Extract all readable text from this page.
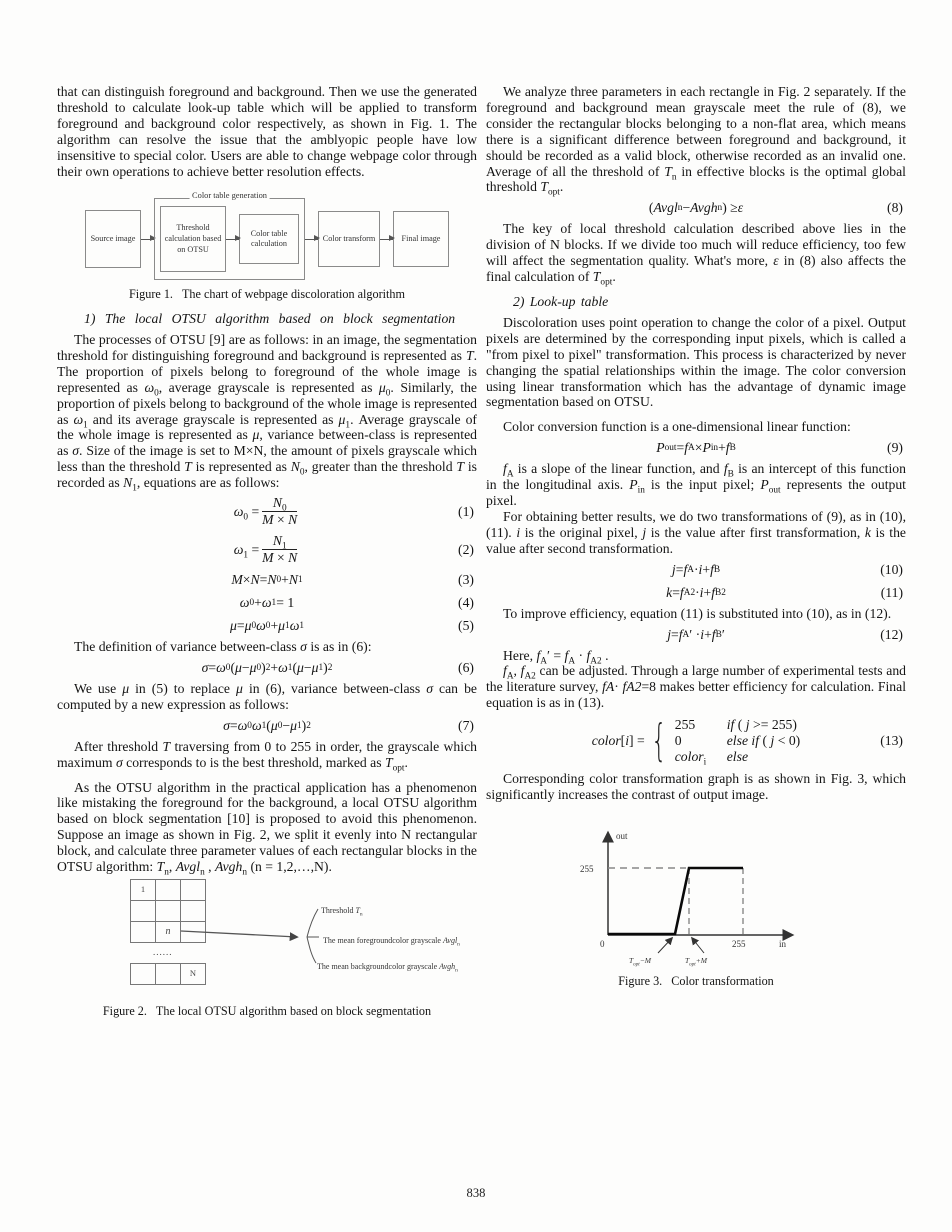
that can distinguish foreground and background. Then we use the generated threshold to calculate look-up table which will be applied to transform foreground and background color respectively, as shown in Fig. 1. The algorithm can resolve the issue that the amblyopic people have low insensitive to special color. Users are able to change webpage color through their own operations to achieve better resolution effects.

Source image
Color table generation
Threshold calculation based on OTSU
Color table calculation
Color transform	Final image
Figure 1. The chart of webpage discoloration algorithm

1) The local OTSU algorithm based on block segmentation

The processes of OTSU [9] are as follows: in an image, the segmentation threshold for distinguishing foreground and background is represented as T. The proportion of pixels belong to foreground of the whole image is represented as $\omega_0$, average grayscale is represented as $\mu_0$. Similarly, the proportion of pixels belong to background of the whole image is represented as $\omega_1$ and its average grayscale is represented as $\mu_1$. Average grayscale of the whole image is represented as μ, variance between-class is represented as σ. Size of the image is set to M×N, the amount of pixels grayscale which less than the threshold T is represented as $N_0$, greater than the threshold T is recorded as $N_1$, equations are as follows:

$\omega_0 = \frac{N_0}{M \times N}$	(1)
$\omega_1 = \frac{N_1}{M \times N}$	(2)
M × N = N 0 + N 1	(3)
ω 0 + ω 1 = 1	(4)
μ = μ 0 ω 0 + μ 1 ω 1	(5)

The definition of variance between-class σ is as in (6):

σ = ω 0 ( μ − μ 0 ) 2 + ω 1 ( μ − μ 1 ) 2	(6)

We use μ in (5) to replace μ in (6), variance between-class σ can be computed by a new expression as follows:

σ = ω 0 ω 1 ( μ 0 − μ 1 ) 2	(7)

After threshold T traversing from 0 to 255 in order, the grayscale which maximum σ corresponds to is the best threshold, marked as $T_{opt}$.

As the OTSU algorithm in the practical application has a phenomenon like mistaking the foreground for the background, a local OTSU algorithm based on block segmentation [10] is proposed to avoid this phenomenon. Suppose an image as shown in Fig. 2, we split it evenly into N rectangular block, and calculate three parameter values of each rectangular blocks in the OTSU algorithm: $T_n$, Avgl$_n$ , Avgh$_n$ (n = 1,2,…,N).

1		

	n	
......
		N
Threshold $T_n$
The mean foregroundcolor grayscale Avgl$_n$
The mean backgroundcolor grayscale Avgh$_n$
Figure 2. The local OTSU algorithm based on block segmentation

We analyze three parameters in each rectangle in Fig. 2 separately. If the foreground and background mean grayscale meet the rule of (8), we consider the rectangular blocks belonging to a non-flat area, which means there is a significant difference between foreground and background, it should be recorded as a valid block, otherwise recorded as an invalid one. Average of all the threshold of $T_n$ in effective blocks is the optimal global threshold $T_{opt}$.

( Avgl n − Avgh n ) ≥ ε	(8)

The key of local threshold calculation described above lies in the division of N blocks. If we divide too much will reduce efficiency, too few will affect the segmentation quality. What's more, ε in (8) also affects the final calculation of $T_{opt}$.

2) Look-up table

Discoloration uses point operation to change the color of a pixel. Output pixels are determined by the corresponding input pixels, which is called a "from pixel to pixel" transformation. This process is characterized by never changing the spatial relationships within the image. The color conversion using linear transformation which has the advantage of dynamic image segmentation based on OTSU.

Color conversion function is a one-dimensional linear function:

P out = f A × P in + f B	(9)

$f_A$ is a slope of the linear function, and $f_B$ is an intercept of this function in the longitudinal axis. $P_{in}$ is the input pixel; $P_{out}$ represents the output pixel.

For obtaining better results, we do two transformations of (9), as in (10), (11). i is the original pixel, j is the value after first transformation, k is the value after second transformation.

j = f A · i + f B	(10)
k = f A2 · i + f B2	(11)

To improve efficiency, equation (11) is substituted into (10), as in (12).

j = f A ′ · i + f B ′	(12)

Here, $f_A' = f_A \cdot f_{A2}$ .

$f_A$, $f_{A2}$ can be adjusted. Through a large number of experimental tests and the literature survey, fA· fA2=8 makes better efficiency for calculation. Final equation is as in (13).

color[i] = { 255	if ( j >= 255)
0	else if ( j < 0)
color$_i$	else
(13)

Corresponding color transformation graph is as shown in Fig. 3, which significantly increases the contrast of output image.

out
in
255
0	255
$T_{opt}-M$	$T_{opt}+M$
Figure 3. Color transformation
838
